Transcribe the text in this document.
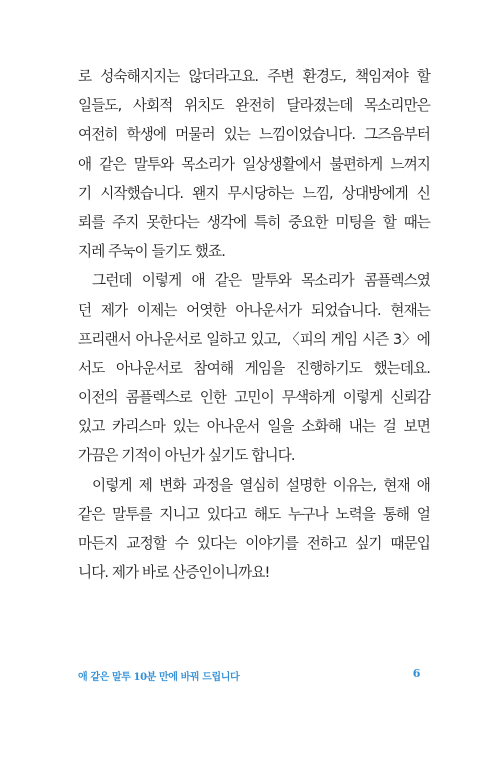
로 성숙해지지는 않더라고요. 주변 환경도, 책임져야 할
일들도, 사회적 위치도 완전히 달라졌는데 목소리만은
여전히 학생에 머물러 있는 느낌이었습니다. 그즈음부터
애 같은 말투와 목소리가 일상생활에서 불편하게 느껴지
기 시작했습니다. 왠지 무시당하는 느낌, 상대방에게 신
뢰를 주지 못한다는 생각에 특히 중요한 미팅을 할 때는
지레 주눅이 들기도 했죠.
그런데 이렇게 애 같은 말투와 목소리가 콤플렉스였
던 제가 이제는 어엿한 아나운서가 되었습니다. 현재는
프리랜서 아나운서로 일하고 있고, 〈피의 게임 시즌 3〉에
서도 아나운서로 참여해 게임을 진행하기도 했는데요.
이전의 콤플렉스로 인한 고민이 무색하게 이렇게 신뢰감
있고 카리스마 있는 아나운서 일을 소화해 내는 걸 보면
가끔은 기적이 아닌가 싶기도 합니다.
이렇게 제 변화 과정을 열심히 설명한 이유는, 현재 애
같은 말투를 지니고 있다고 해도 누구나 노력을 통해 얼
마든지 교정할 수 있다는 이야기를 전하고 싶기 때문입
니다. 제가 바로 산증인이니까요!
애 같은 말투 10분 만에 바꿔 드립니다	6
